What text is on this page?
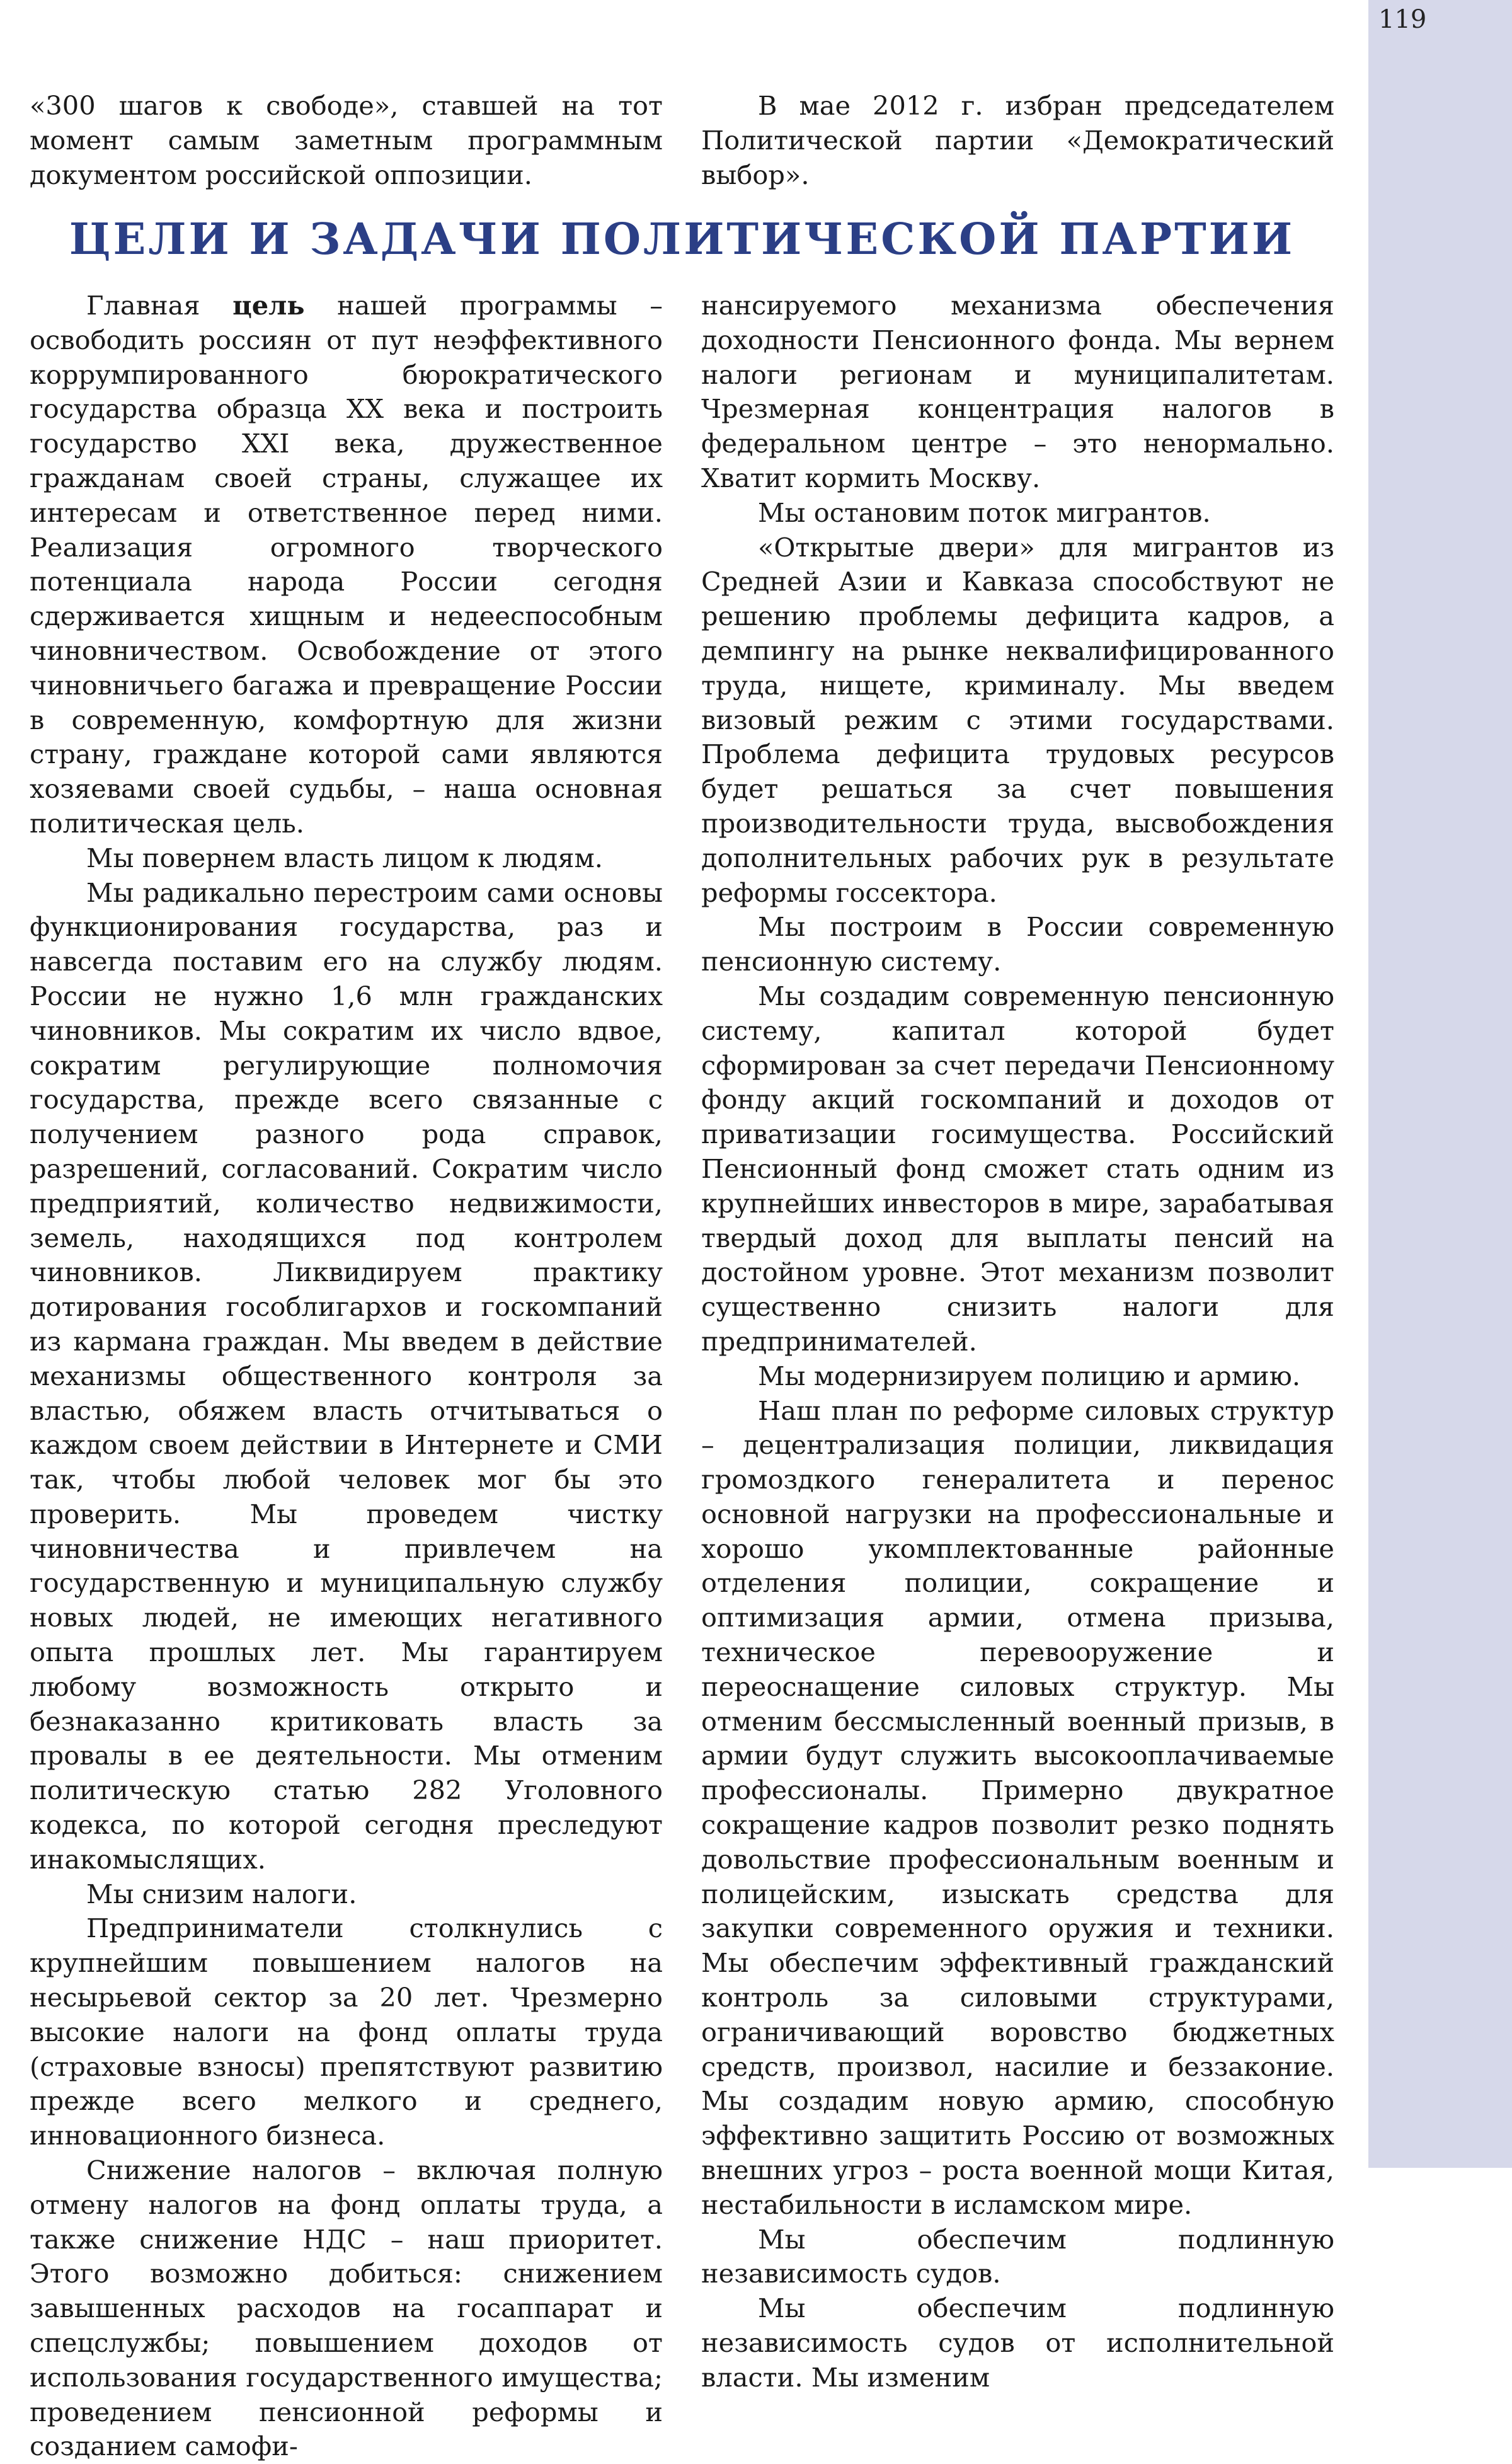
119

«300 шагов к свободе», ставшей на тот момент самым заметным программным документом российской оппозиции.

В мае 2012 г. избран председателем Политической партии «Демократический выбор».

ЦЕЛИ И ЗАДАЧИ ПОЛИТИЧЕСКОЙ ПАРТИИ

Главная цель нашей программы – освободить россиян от пут неэффективного коррумпированного бюрократического государства образца XX века и построить государство XXI века, дружественное гражданам своей страны, служащее их интересам и ответственное перед ними. Реализация огромного творческого потенциала народа России сегодня сдерживается хищным и недееспособным чиновничеством. Освобождение от этого чиновничьего багажа и превращение России в современную, комфортную для жизни страну, граждане которой сами являются хозяевами своей судьбы, – наша основная политическая цель.

Мы повернем власть лицом к людям.

Мы радикально перестроим сами основы функционирования государства, раз и навсегда поставим его на службу людям. России не нужно 1,6 млн гражданских чиновников. Мы сократим их число вдвое, сократим регулирующие полномочия государства, прежде всего связанные с получением разного рода справок, разрешений, согласований. Сократим число предприятий, количество недвижимости, земель, находящихся под контролем чиновников. Ликвидируем практику дотирования гособлигархов и госкомпаний из кармана граждан. Мы введем в действие механизмы общественного контроля за властью, обяжем власть отчитываться о каждом своем действии в Интернете и СМИ так, чтобы любой человек мог бы это проверить. Мы проведем чистку чиновничества и привлечем на государственную и муниципальную службу новых людей, не имеющих негативного опыта прошлых лет. Мы гарантируем любому возможность открыто и безнаказанно критиковать власть за провалы в ее деятельности. Мы отменим политическую статью 282 Уголовного кодекса, по которой сегодня преследуют инакомыслящих.

Мы снизим налоги.

Предприниматели столкнулись с крупнейшим повышением налогов на несырьевой сектор за 20 лет. Чрезмерно высокие налоги на фонд оплаты труда (страховые взносы) препятствуют развитию прежде всего мелкого и среднего, инновационного бизнеса.

Снижение налогов – включая полную отмену налогов на фонд оплаты труда, а также снижение НДС – наш приоритет. Этого возможно добиться: снижением завышенных расходов на госаппарат и спецслужбы; повышением доходов от использования государственного имущества; проведением пенсионной реформы и созданием самофи-

нансируемого механизма обеспечения доходности Пенсионного фонда. Мы вернем налоги регионам и муниципалитетам. Чрезмерная концентрация налогов в федеральном центре – это ненормально. Хватит кормить Москву.

Мы остановим поток мигрантов.

«Открытые двери» для мигрантов из Средней Азии и Кавказа способствуют не решению проблемы дефицита кадров, а демпингу на рынке неквалифицированного труда, нищете, криминалу. Мы введем визовый режим с этими государствами. Проблема дефицита трудовых ресурсов будет решаться за счет повышения производительности труда, высвобождения дополнительных рабочих рук в результате реформы госсектора.

Мы построим в России современную пенсионную систему.

Мы создадим современную пенсионную систему, капитал которой будет сформирован за счет передачи Пенсионному фонду акций госкомпаний и доходов от приватизации госимущества. Российский Пенсионный фонд сможет стать одним из крупнейших инвесторов в мире, зарабатывая твердый доход для выплаты пенсий на достойном уровне. Этот механизм позволит существенно снизить налоги для предпринимателей.

Мы модернизируем полицию и армию.

Наш план по реформе силовых структур – децентрализация полиции, ликвидация громоздкого генералитета и перенос основной нагрузки на профессиональные и хорошо укомплектованные районные отделения полиции, сокращение и оптимизация армии, отмена призыва, техническое перевооружение и переоснащение силовых структур. Мы отменим бессмысленный военный призыв, в армии будут служить высокооплачиваемые профессионалы. Примерно двукратное сокращение кадров позволит резко поднять довольствие профессиональным военным и полицейским, изыскать средства для закупки современного оружия и техники. Мы обеспечим эффективный гражданский контроль за силовыми структурами, ограничивающий воровство бюджетных средств, произвол, насилие и беззаконие. Мы создадим новую армию, способную эффективно защитить Россию от возможных внешних угроз – роста военной мощи Китая, нестабильности в исламском мире.

Мы обеспечим подлинную независимость судов.

Мы обеспечим подлинную независимость судов от исполнительной власти. Мы изменим
